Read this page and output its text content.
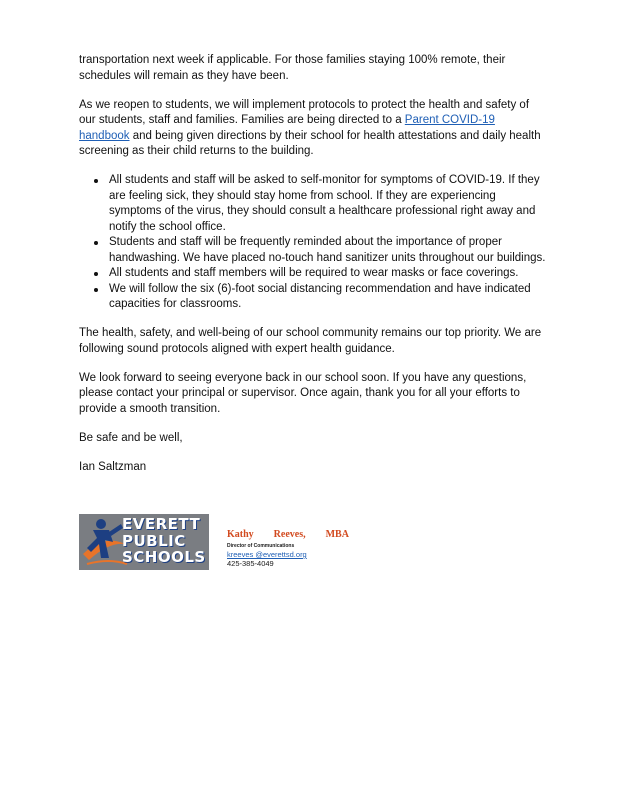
transportation next week if applicable. For those families staying 100% remote, their schedules will remain as they have been.

As we reopen to students, we will implement protocols to protect the health and safety of our students, staff and families. Families are being directed to a Parent COVID-19 handbook and being given directions by their school for health attestations and daily health screening as their child returns to the building.

All students and staff will be asked to self-monitor for symptoms of COVID-19. If they are feeling sick, they should stay home from school. If they are experiencing symptoms of the virus, they should consult a healthcare professional right away and notify the school office.
Students and staff will be frequently reminded about the importance of proper handwashing. We have placed no-touch hand sanitizer units throughout our buildings.
All students and staff members will be required to wear masks or face coverings.
We will follow the six (6)-foot social distancing recommendation and have indicated capacities for classrooms.

The health, safety, and well-being of our school community remains our top priority. We are following sound protocols aligned with expert health guidance.

We look forward to seeing everyone back in our school soon. If you have any questions, please contact your principal or supervisor. Once again, thank you for all your efforts to provide a smooth transition.

Be safe and be well,

Ian Saltzman

EVERETT
PUBLIC
SCHOOLS
Kathy Reeves, MBA
Director of Communications
kreeves @everettsd.org
425-385-4049
